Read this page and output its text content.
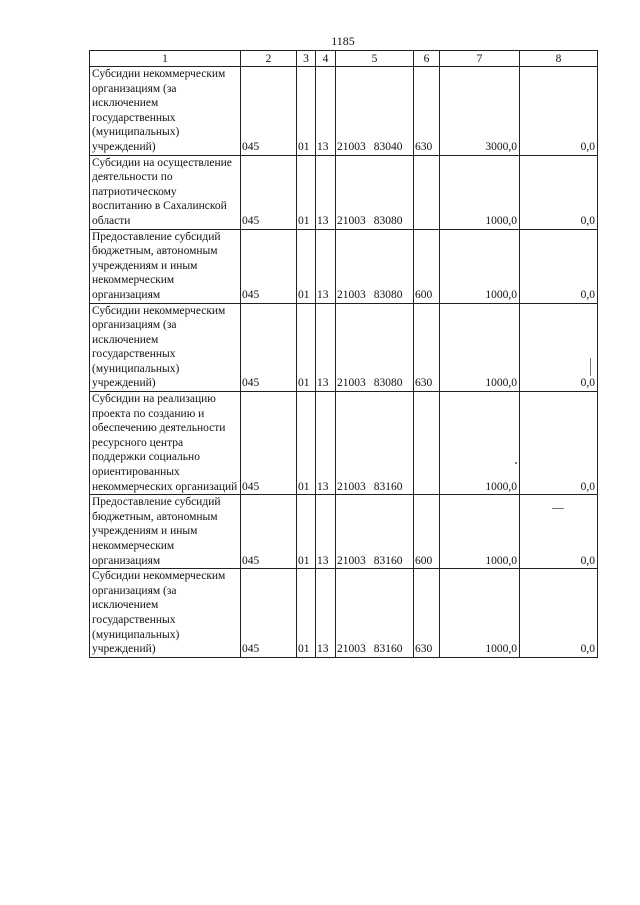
1185
1	2	3	4	5	6	7	8
Субсидии некоммерческим организациям (за исключением государственных (муниципальных) учреждений)	045	01	13	21003 83040	630	3000,0	0,0
Субсидии на осуществление деятельности по патриотическому воспитанию в Сахалинской области	045	01	13	21003 83080		1000,0	0,0
Предоставление субсидий бюджетным, автономным учреждениям и иным некоммерческим организациям	045	01	13	21003 83080	600	1000,0	0,0
Субсидии некоммерческим организациям (за исключением государственных (муниципальных) учреждений)	045	01	13	21003 83080	630	1000,0	0,0
Субсидии на реализацию проекта по созданию и обеспечению деятельности ресурсного центра поддержки социально ориентированных некоммерческих организаций	045	01	13	21003 83160		1000,0	0,0
Предоставление субсидий бюджетным, автономным учреждениям и иным некоммерческим организациям	045	01	13	21003 83160	600	1000,0	0,0
Субсидии некоммерческим организациям (за исключением государственных (муниципальных) учреждений)	045	01	13	21003 83160	630	1000,0	0,0
